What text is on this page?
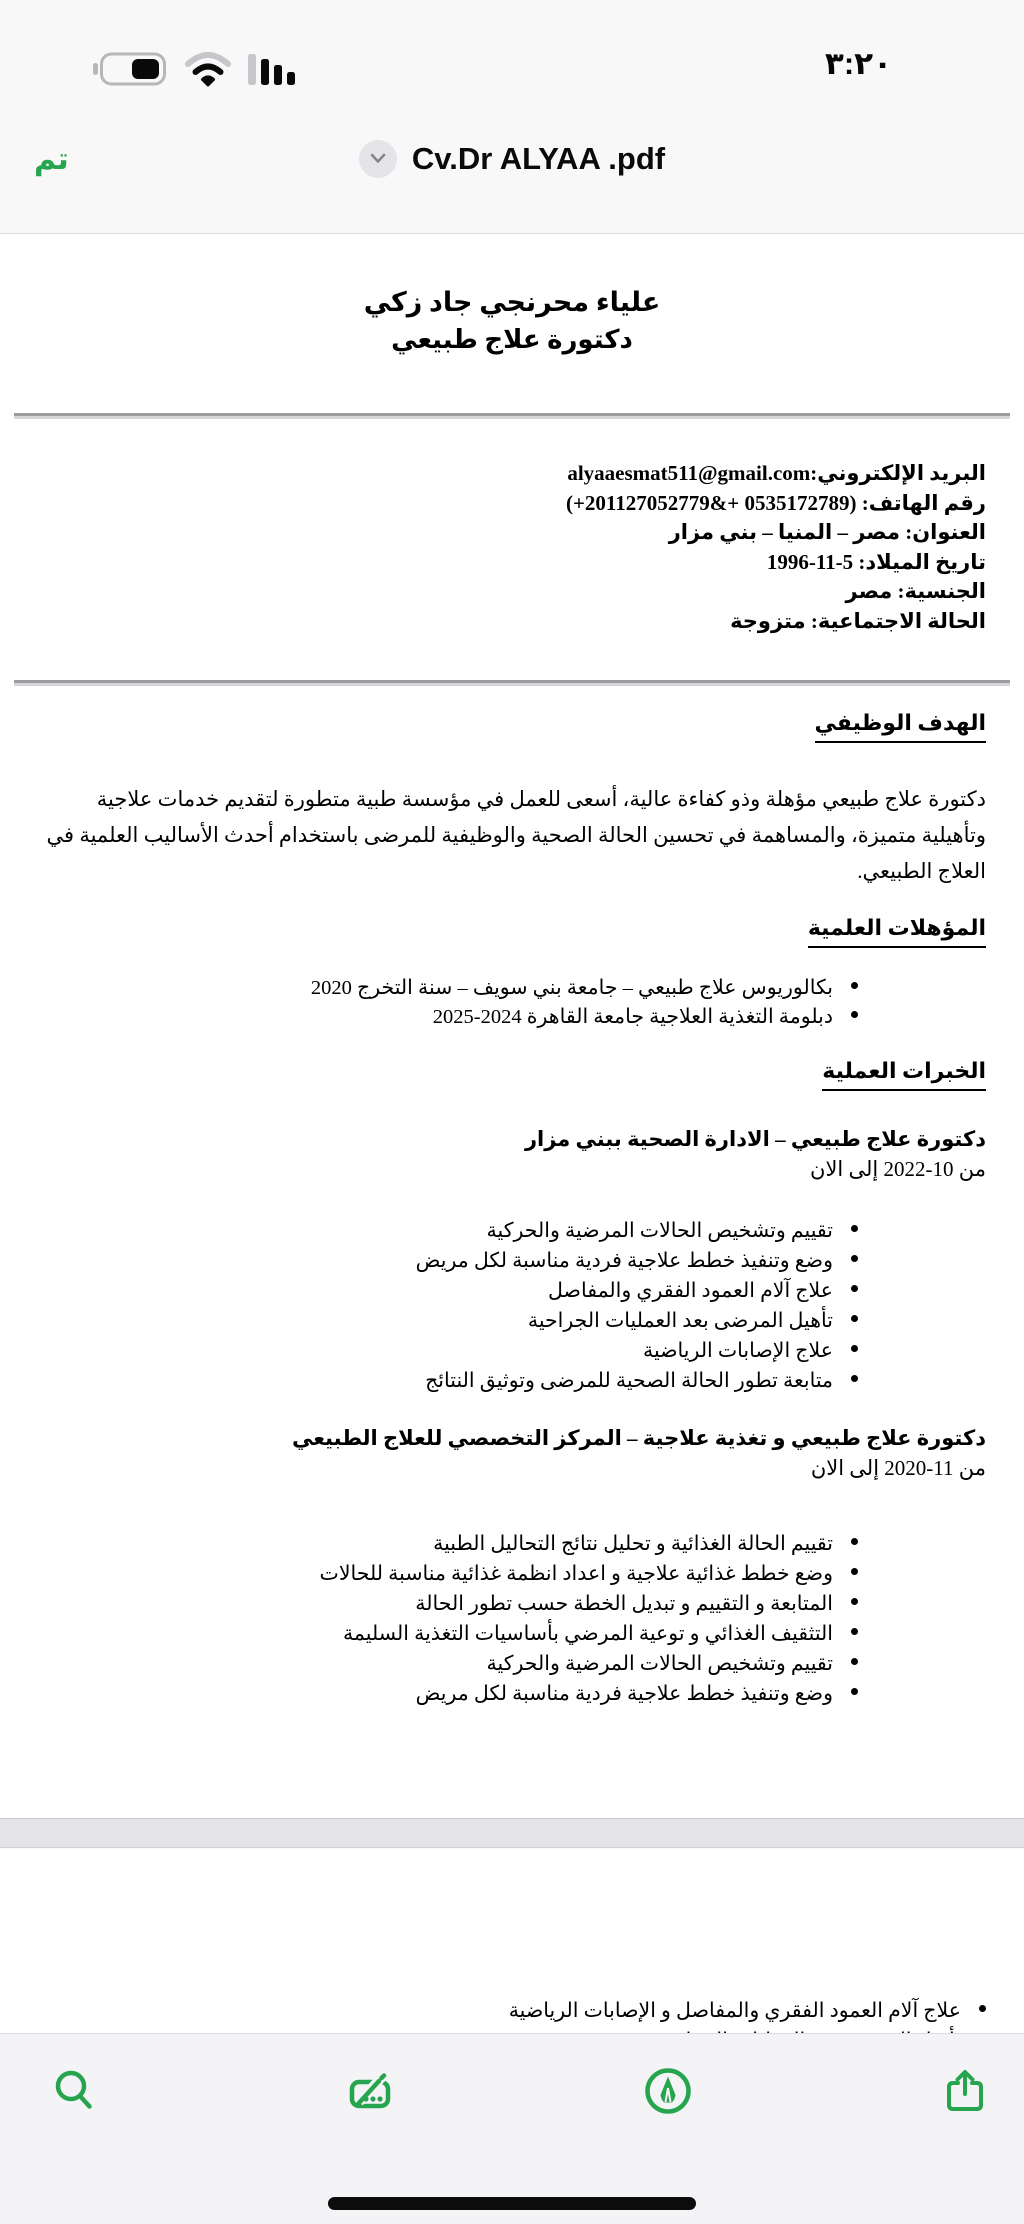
٣:٢٠
تم	Cv.Dr ALYAA .pdf
علياء محرنجي جاد زكي
دكتورة علاج طبيعي
البريد الإلكتروني:alyaaesmat511@gmail.com
رقم الهاتف: (+201127052779&+ 0535172789)
العنوان: مصر – المنيا – بني مزار
تاريخ الميلاد: 1996-11-5
الجنسية: مصر
الحالة الاجتماعية: متزوجة
الهدف الوظيفي

دكتورة علاج طبيعي مؤهلة وذو كفاءة عالية، أسعى للعمل في مؤسسة طبية متطورة لتقديم خدمات علاجية وتأهيلية متميزة، والمساهمة في تحسين الحالة الصحية والوظيفية للمرضى باستخدام أحدث الأساليب العلمية في العلاج الطبيعي.

المؤهلات العلمية
بكالوريوس علاج طبيعي – جامعة بني سويف – سنة التخرج 2020
دبلومة التغذية العلاجية جامعة القاهرة 2025-2024
الخبرات العملية
دكتورة علاج طبيعي – الادارة الصحية ببني مزار
من 2022-10 إلى الان
تقييم وتشخيص الحالات المرضية والحركية
وضع وتنفيذ خطط علاجية فردية مناسبة لكل مريض
علاج آلام العمود الفقري والمفاصل
تأهيل المرضى بعد العمليات الجراحية
علاج الإصابات الرياضية
متابعة تطور الحالة الصحية للمرضى وتوثيق النتائج
دكتورة علاج طبيعي و تغذية علاجية – المركز التخصصي للعلاج الطبيعي
من 2020-11 إلى الان
تقييم الحالة الغذائية و تحليل نتائج التحاليل الطبية
وضع خطط غذائية علاجية و اعداد انظمة غذائية مناسبة للحالات
المتابعة و التقييم و تبديل الخطة حسب تطور الحالة
التثقيف الغذائي و توعية المرضي بأساسيات التغذية السليمة
تقييم وتشخيص الحالات المرضية والحركية
وضع وتنفيذ خطط علاجية فردية مناسبة لكل مريض
علاج آلام العمود الفقري والمفاصل و الإصابات الرياضية
